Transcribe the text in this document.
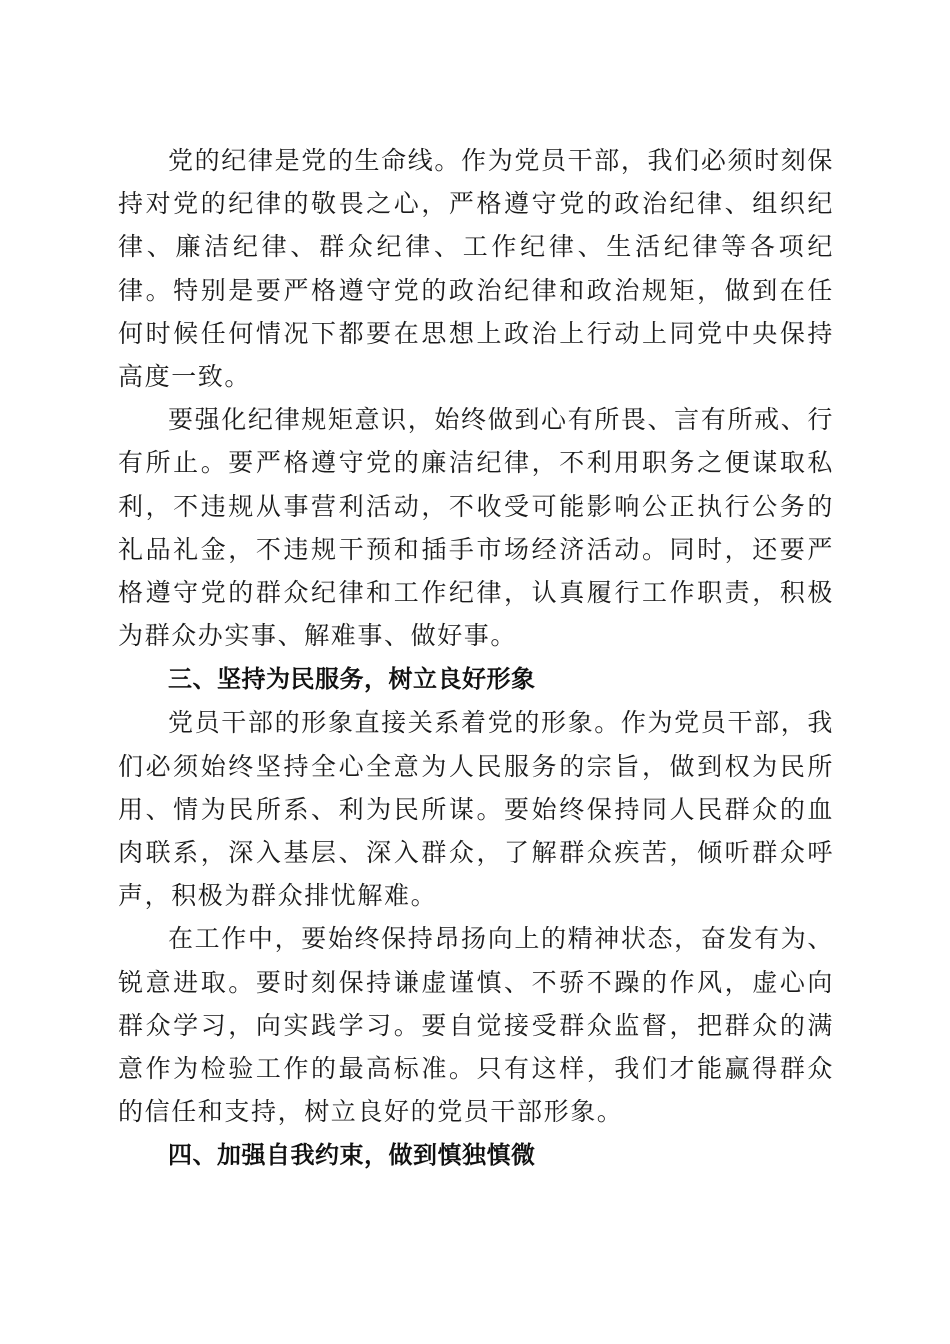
党的纪律是党的生命线。作为党员干部，我们必须时刻保持对党的纪律的敬畏之心，严格遵守党的政治纪律、组织纪律、廉洁纪律、群众纪律、工作纪律、生活纪律等各项纪律。特别是要严格遵守党的政治纪律和政治规矩，做到在任何时候任何情况下都要在思想上政治上行动上同党中央保持高度一致。

要强化纪律规矩意识，始终做到心有所畏、言有所戒、行有所止。要严格遵守党的廉洁纪律，不利用职务之便谋取私利，不违规从事营利活动，不收受可能影响公正执行公务的礼品礼金，不违规干预和插手市场经济活动。同时，还要严格遵守党的群众纪律和工作纪律，认真履行工作职责，积极为群众办实事、解难事、做好事。

三、坚持为民服务，树立良好形象

党员干部的形象直接关系着党的形象。作为党员干部，我们必须始终坚持全心全意为人民服务的宗旨，做到权为民所用、情为民所系、利为民所谋。要始终保持同人民群众的血肉联系，深入基层、深入群众，了解群众疾苦，倾听群众呼声，积极为群众排忧解难。

在工作中，要始终保持昂扬向上的精神状态，奋发有为、锐意进取。要时刻保持谦虚谨慎、不骄不躁的作风，虚心向群众学习，向实践学习。要自觉接受群众监督，把群众的满意作为检验工作的最高标准。只有这样，我们才能赢得群众的信任和支持，树立良好的党员干部形象。

四、加强自我约束，做到慎独慎微
